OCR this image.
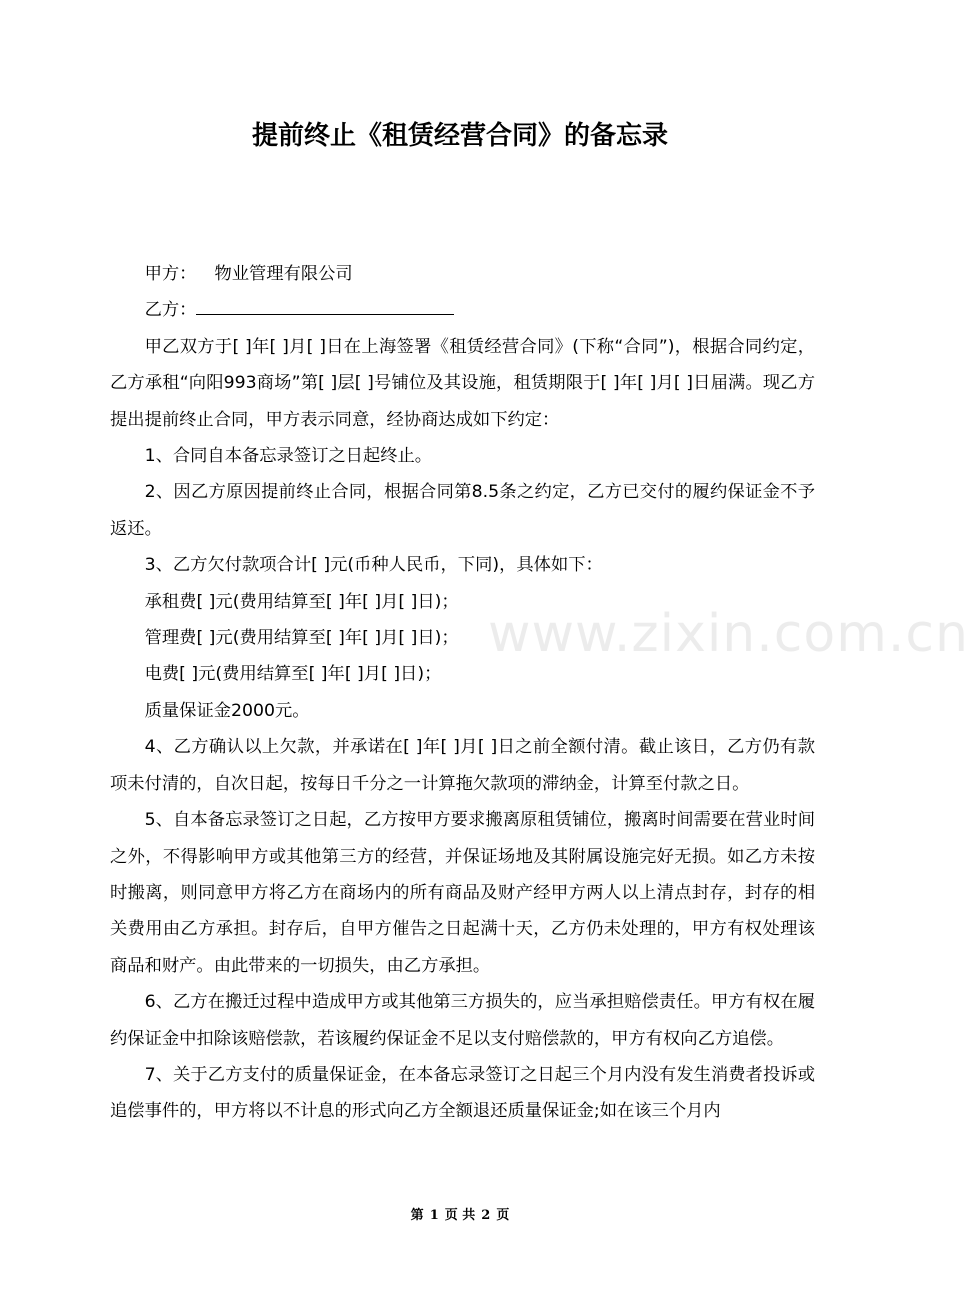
提前终止《租赁经营合同》的备忘录

甲方： 物业管理有限公司

乙方：

甲乙双方于[ ]年[ ]月[ ]日在上海签署《租赁经营合同》(下称“合同”)，根据合同约定，乙方承租“向阳993商场”第[ ]层[ ]号铺位及其设施，租赁期限于[ ]年[ ]月[ ]日届满。现乙方提出提前终止合同，甲方表示同意，经协商达成如下约定：

1、合同自本备忘录签订之日起终止。

2、因乙方原因提前终止合同，根据合同第8.5条之约定，乙方已交付的履约保证金不予返还。

3、乙方欠付款项合计[ ]元(币种人民币，下同)，具体如下：

承租费[ ]元(费用结算至[ ]年[ ]月[ ]日)；

管理费[ ]元(费用结算至[ ]年[ ]月[ ]日)；

电费[ ]元(费用结算至[ ]年[ ]月[ ]日)；

质量保证金2000元。

4、乙方确认以上欠款，并承诺在[ ]年[ ]月[ ]日之前全额付清。截止该日，乙方仍有款项未付清的，自次日起，按每日千分之一计算拖欠款项的滞纳金，计算至付款之日。

5、自本备忘录签订之日起，乙方按甲方要求搬离原租赁铺位，搬离时间需要在营业时间之外，不得影响甲方或其他第三方的经营，并保证场地及其附属设施完好无损。如乙方未按时搬离，则同意甲方将乙方在商场内的所有商品及财产经甲方两人以上清点封存，封存的相关费用由乙方承担。封存后，自甲方催告之日起满十天，乙方仍未处理的，甲方有权处理该商品和财产。由此带来的一切损失，由乙方承担。

6、乙方在搬迁过程中造成甲方或其他第三方损失的，应当承担赔偿责任。甲方有权在履约保证金中扣除该赔偿款，若该履约保证金不足以支付赔偿款的，甲方有权向乙方追偿。

7、关于乙方支付的质量保证金，在本备忘录签订之日起三个月内没有发生消费者投诉或追偿事件的，甲方将以不计息的形式向乙方全额退还质量保证金;如在该三个月内

www.zixin.com.cn
第 1 页 共 2 页
